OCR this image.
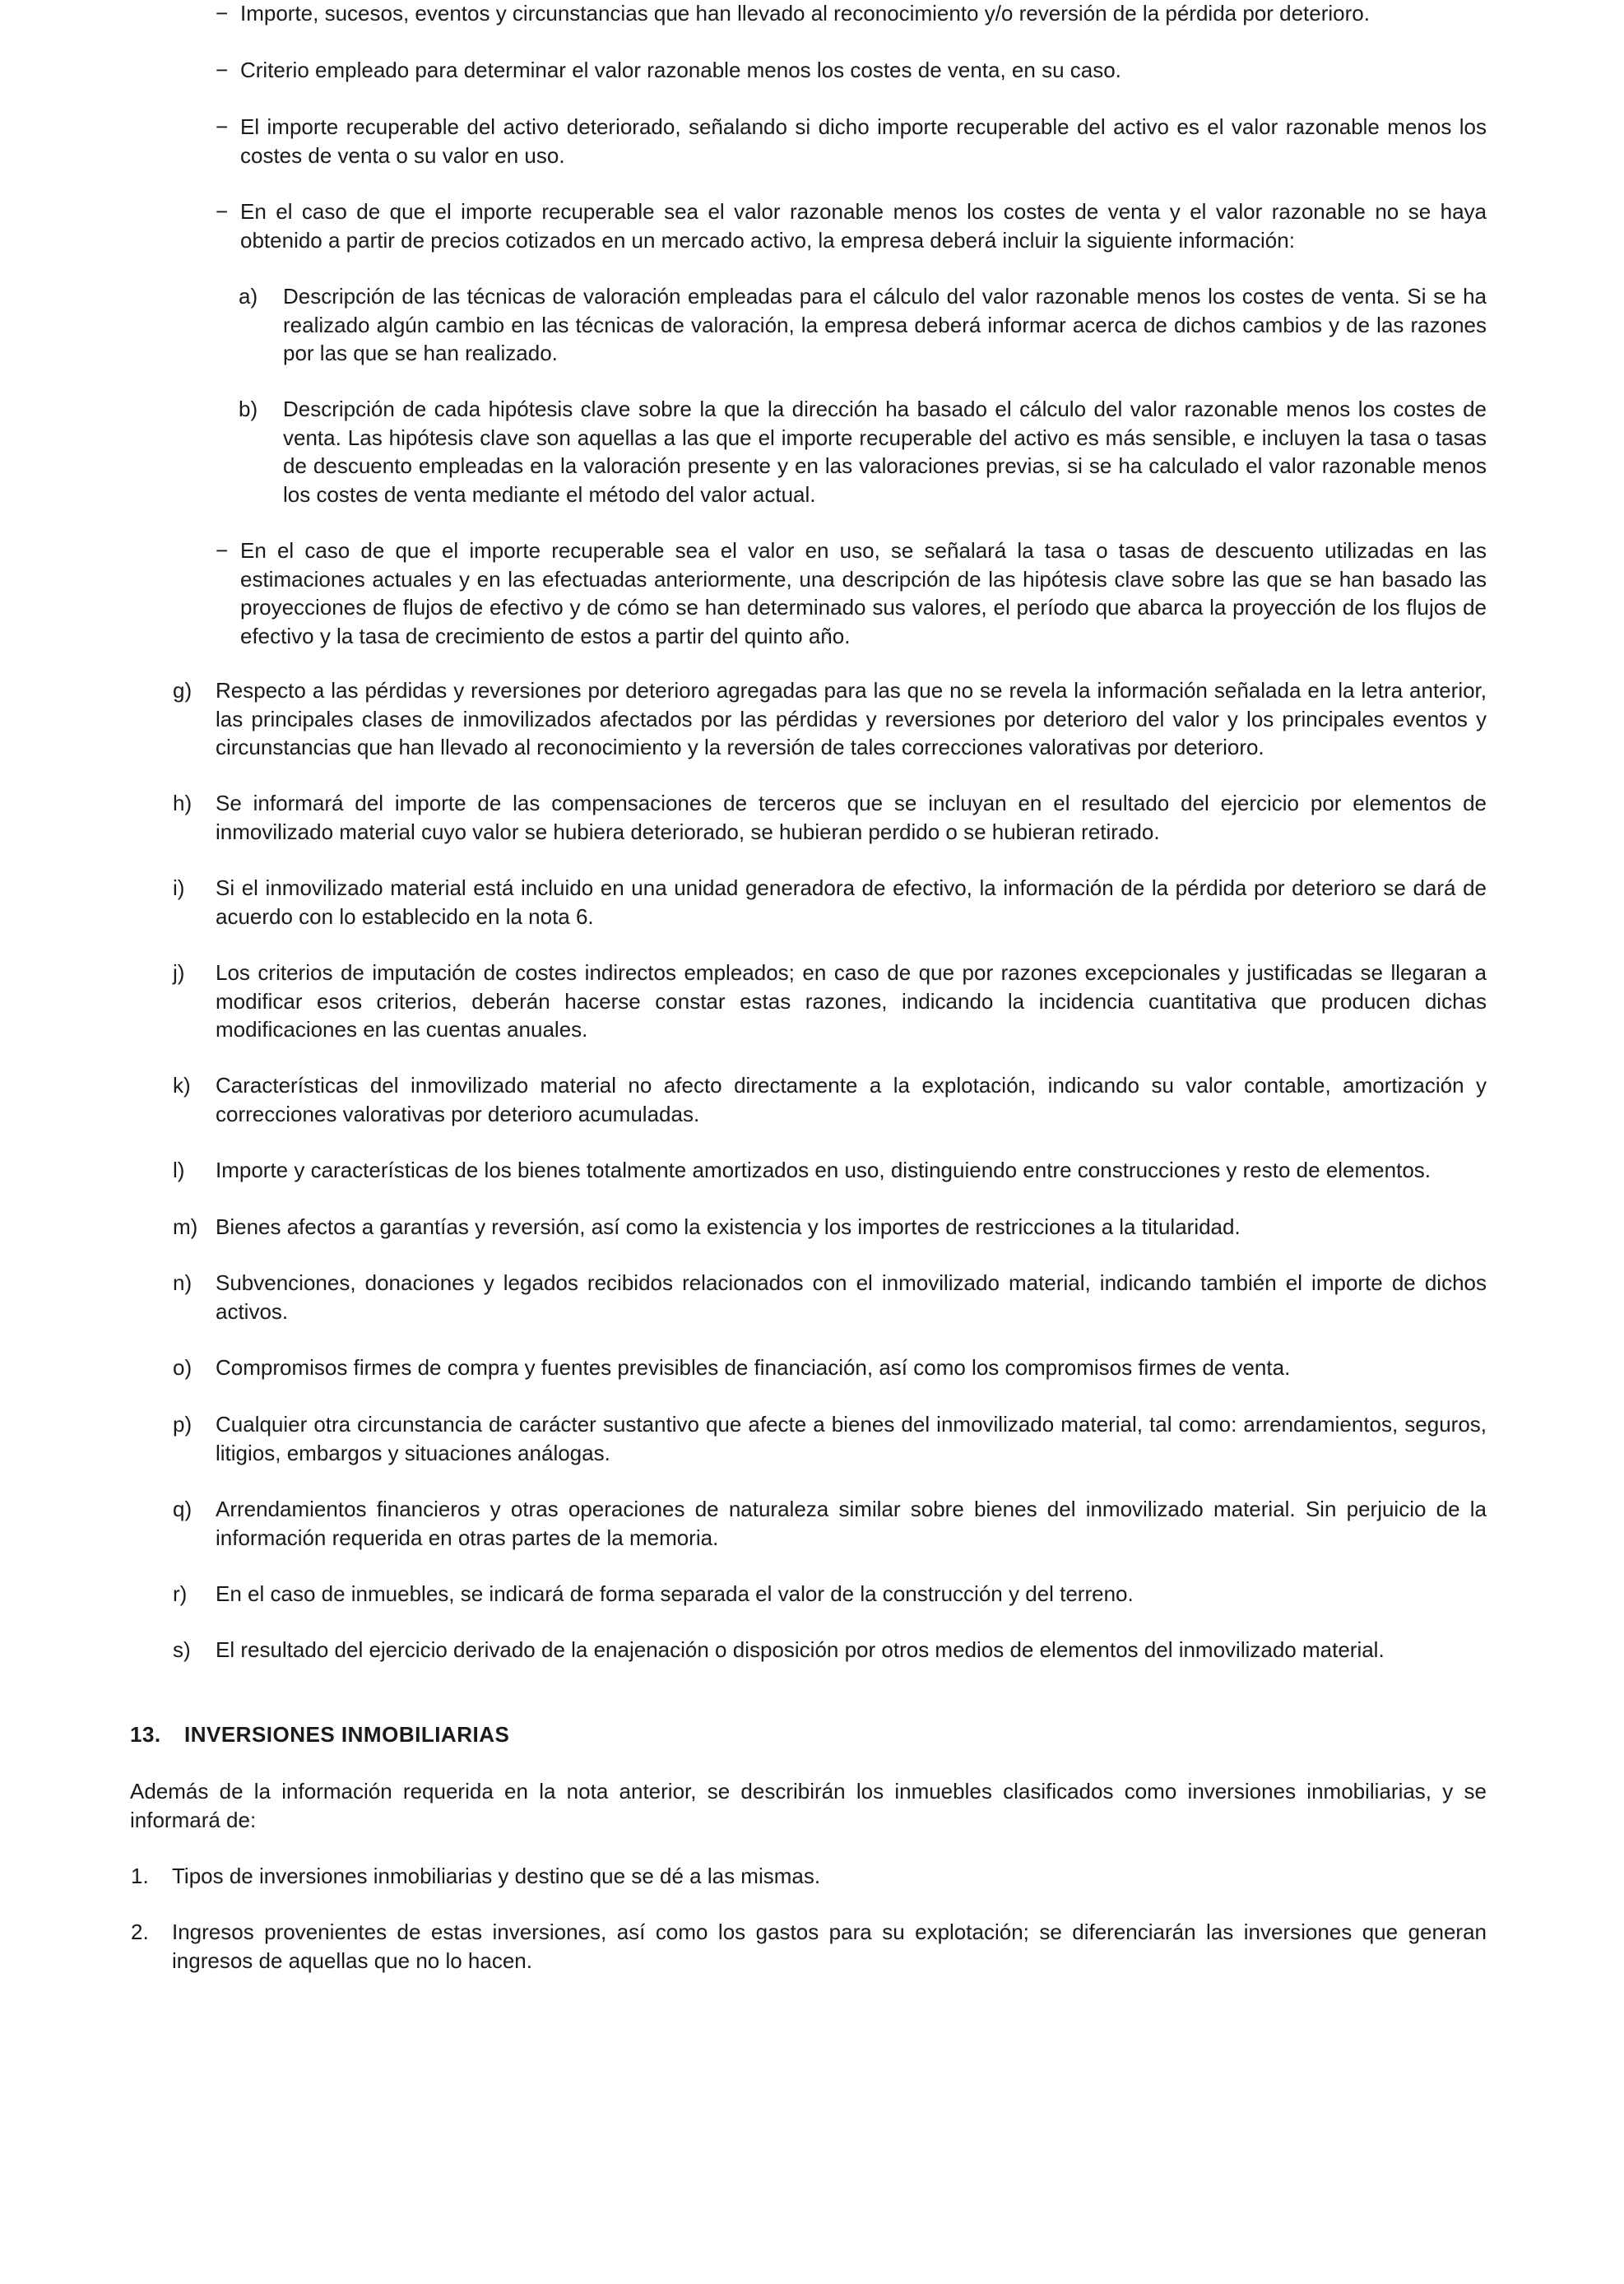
− Importe, sucesos, eventos y circunstancias que han llevado al reconocimiento y/o reversión de la pérdida por deterioro.
− Criterio empleado para determinar el valor razonable menos los costes de venta, en su caso.
− El importe recuperable del activo deteriorado, señalando si dicho importe recuperable del activo es el valor razonable menos los costes de venta o su valor en uso.
− En el caso de que el importe recuperable sea el valor razonable menos los costes de venta y el valor razonable no se haya obtenido a partir de precios cotizados en un mercado activo, la empresa deberá incluir la siguiente información:
a) Descripción de las técnicas de valoración empleadas para el cálculo del valor razonable menos los costes de venta. Si se ha realizado algún cambio en las técnicas de valoración, la empresa deberá informar acerca de dichos cambios y de las razones por las que se han realizado.
b) Descripción de cada hipótesis clave sobre la que la dirección ha basado el cálculo del valor razonable menos los costes de venta. Las hipótesis clave son aquellas a las que el importe recuperable del activo es más sensible, e incluyen la tasa o tasas de descuento empleadas en la valoración presente y en las valoraciones previas, si se ha calculado el valor razonable menos los costes de venta mediante el método del valor actual.
− En el caso de que el importe recuperable sea el valor en uso, se señalará la tasa o tasas de descuento utilizadas en las estimaciones actuales y en las efectuadas anteriormente, una descripción de las hipótesis clave sobre las que se han basado las proyecciones de flujos de efectivo y de cómo se han determinado sus valores, el período que abarca la proyección de los flujos de efectivo y la tasa de crecimiento de estos a partir del quinto año.
g) Respecto a las pérdidas y reversiones por deterioro agregadas para las que no se revela la información señalada en la letra anterior, las principales clases de inmovilizados afectados por las pérdidas y reversiones por deterioro del valor y los principales eventos y circunstancias que han llevado al reconocimiento y la reversión de tales correcciones valorativas por deterioro.
h) Se informará del importe de las compensaciones de terceros que se incluyan en el resultado del ejercicio por elementos de inmovilizado material cuyo valor se hubiera deteriorado, se hubieran perdido o se hubieran retirado.
i) Si el inmovilizado material está incluido en una unidad generadora de efectivo, la información de la pérdida por deterioro se dará de acuerdo con lo establecido en la nota 6.
j) Los criterios de imputación de costes indirectos empleados; en caso de que por razones excepcionales y justificadas se llegaran a modificar esos criterios, deberán hacerse constar estas razones, indicando la incidencia cuantitativa que producen dichas modificaciones en las cuentas anuales.
k) Características del inmovilizado material no afecto directamente a la explotación, indicando su valor contable, amortización y correcciones valorativas por deterioro acumuladas.
l) Importe y características de los bienes totalmente amortizados en uso, distinguiendo entre construcciones y resto de elementos.
m) Bienes afectos a garantías y reversión, así como la existencia y los importes de restricciones a la titularidad.
n) Subvenciones, donaciones y legados recibidos relacionados con el inmovilizado material, indicando también el importe de dichos activos.
o) Compromisos firmes de compra y fuentes previsibles de financiación, así como los compromisos firmes de venta.
p) Cualquier otra circunstancia de carácter sustantivo que afecte a bienes del inmovilizado material, tal como: arrendamientos, seguros, litigios, embargos y situaciones análogas.
q) Arrendamientos financieros y otras operaciones de naturaleza similar sobre bienes del inmovilizado material. Sin perjuicio de la información requerida en otras partes de la memoria.
r) En el caso de inmuebles, se indicará de forma separada el valor de la construcción y del terreno.
s) El resultado del ejercicio derivado de la enajenación o disposición por otros medios de elementos del inmovilizado material.
13. INVERSIONES INMOBILIARIAS
Además de la información requerida en la nota anterior, se describirán los inmuebles clasificados como inversiones inmobiliarias, y se informará de:
1. Tipos de inversiones inmobiliarias y destino que se dé a las mismas.
2. Ingresos provenientes de estas inversiones, así como los gastos para su explotación; se diferenciarán las inversiones que generan ingresos de aquellas que no lo hacen.
